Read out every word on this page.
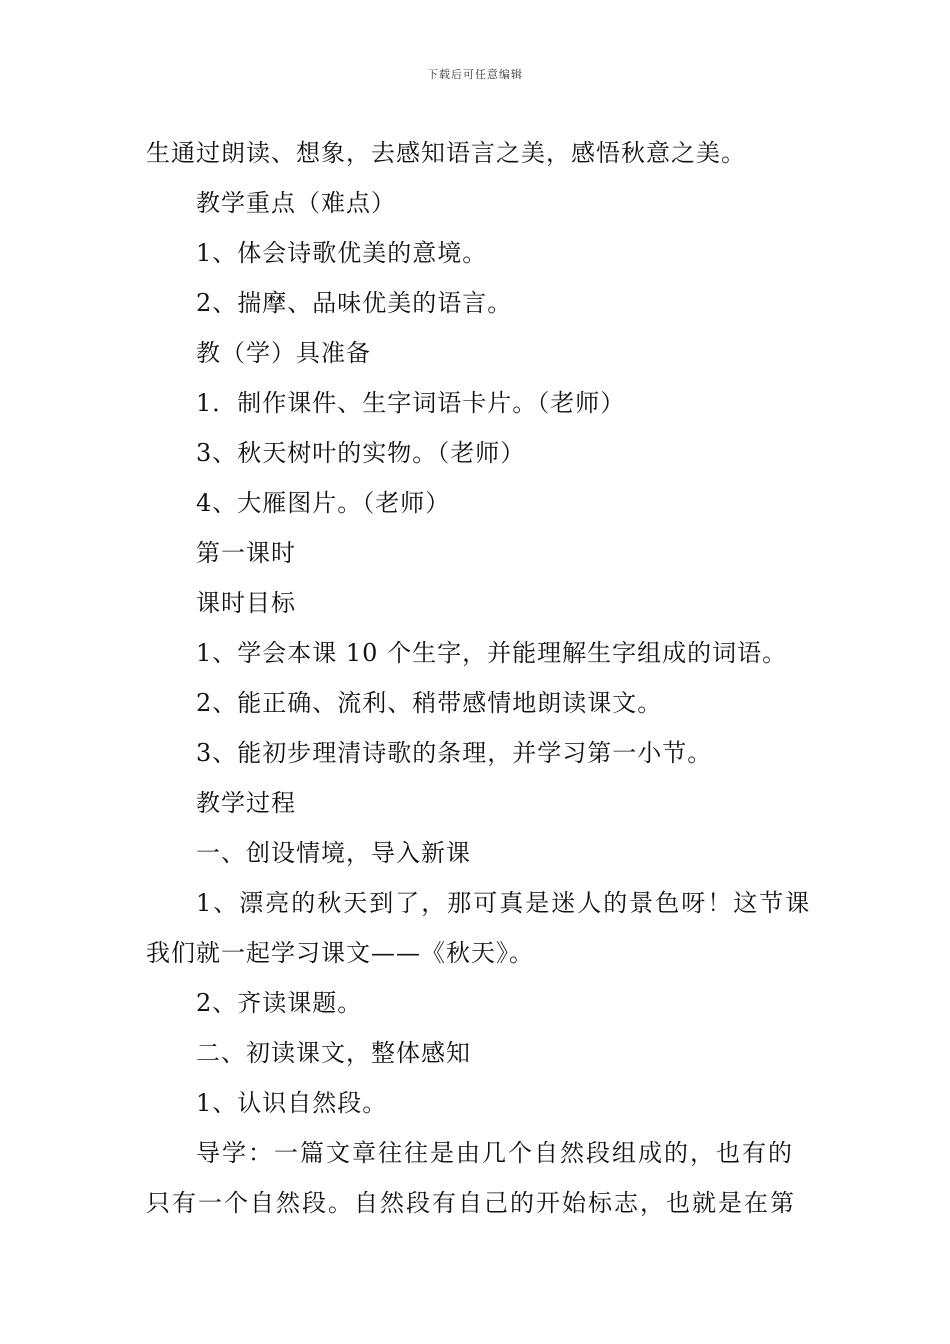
下载后可任意编辑
生通过朗读、想象，去感知语言之美，感悟秋意之美。
教学重点（难点）
1、体会诗歌优美的意境。
2、揣摩、品味优美的语言。
教（学）具准备
1．制作课件、生字词语卡片。（老师）
3、秋天树叶的实物。（老师）
4、大雁图片。（老师）
第一课时
课时目标
1、学会本课 10 个生字，并能理解生字组成的词语。
2、能正确、流利、稍带感情地朗读课文。
3、能初步理清诗歌的条理，并学习第一小节。
教学过程
一、创设情境，导入新课
1、漂亮的秋天到了，那可真是迷人的景色呀！这节课
我们就一起学习课文——《秋天》。
2、齐读课题。
二、初读课文，整体感知
1、认识自然段。
导学：一篇文章往往是由几个自然段组成的，也有的
只有一个自然段。自然段有自己的开始标志，也就是在第
